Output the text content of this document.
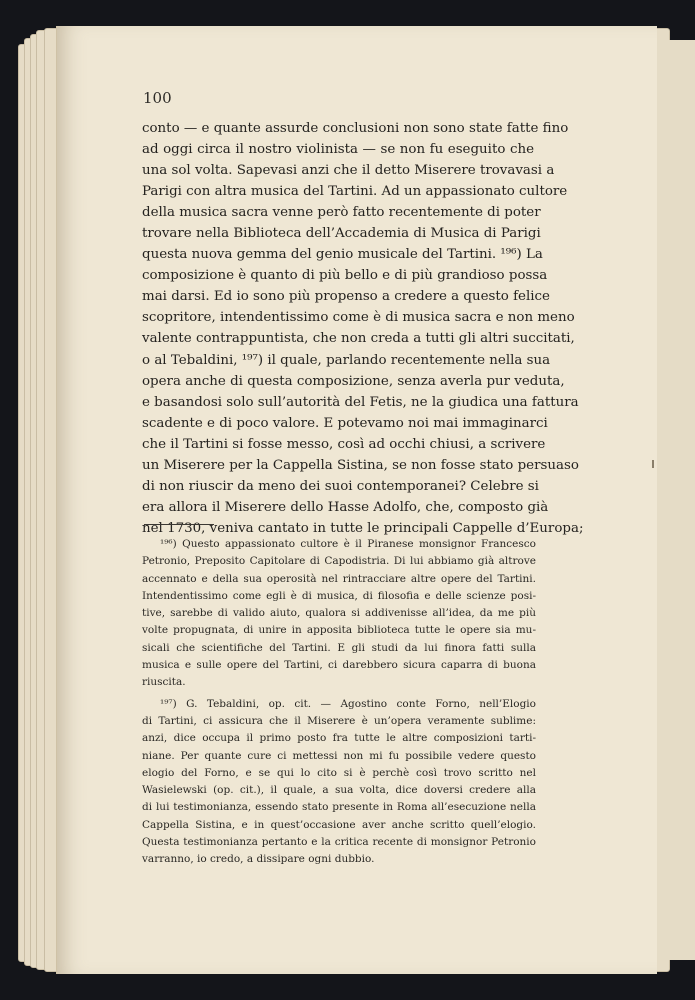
100
conto — e quante assurde conclusioni non sono state fatte fino
ad oggi circa il nostro violinista — se non fu eseguito che
una sol volta. Sapevasi anzi che il detto Miserere trovavasi a
Parigi con altra musica del Tartini. Ad un appassionato cultore
della musica sacra venne però fatto recentemente di poter
trovare nella Biblioteca dell’Accademia di Musica di Parigi
questa nuova gemma del genio musicale del Tartini. ¹⁹⁶) La
composizione è quanto di più bello e di più grandioso possa
mai darsi. Ed io sono più propenso a credere a questo felice
scopritore, intendentissimo come è di musica sacra e non meno
valente contrappuntista, che non creda a tutti gli altri succitati,
o al Tebaldini, ¹⁹⁷) il quale, parlando recentemente nella sua
opera anche di questa composizione, senza averla pur veduta,
e basandosi solo sull’autorità del Fetis, ne la giudica una fattura
scadente e di poco valore. E potevamo noi mai immaginarci
che il Tartini si fosse messo, così ad occhi chiusi, a scrivere
un Miserere per la Cappella Sistina, se non fosse stato persuaso
di non riuscir da meno dei suoi contemporanei? Celebre si
era allora il Miserere dello Hasse Adolfo, che, composto già
nel 1730, veniva cantato in tutte le principali Cappelle d’Europa;
¹⁹⁶) Questo appassionato cultore è il Piranese monsignor Francesco
Petronio, Preposito Capitolare di Capodistria. Di lui abbiamo già altrove
accennato e della sua operosità nel rintracciare altre opere del Tartini.
Intendentissimo come egli è di musica, di filosofia e delle scienze posi-
tive, sarebbe di valido aiuto, qualora si addivenisse all’idea, da me più
volte propugnata, di unire in apposita biblioteca tutte le opere sia mu-
sicali che scientifiche del Tartini. E gli studi da lui finora fatti sulla
musica e sulle opere del Tartini, ci darebbero sicura caparra di buona
riuscita.
¹⁹⁷) G. Tebaldini, op. cit. — Agostino conte Forno, nell’Elogio
di Tartini, ci assicura che il Miserere è un’opera veramente sublime:
anzi, dice occupa il primo posto fra tutte le altre composizioni tarti-
niane. Per quante cure ci mettessi non mi fu possibile vedere questo
elogio del Forno, e se qui lo cito si è perchè così trovo scritto nel
Wasielewski (op. cit.), il quale, a sua volta, dice doversi credere alla
di lui testimonianza, essendo stato presente in Roma all’esecuzione nella
Cappella Sistina, e in quest’occasione aver anche scritto quell’elogio.
Questa testimonianza pertanto e la critica recente di monsignor Petronio
varranno, io credo, a dissipare ogni dubbio.
